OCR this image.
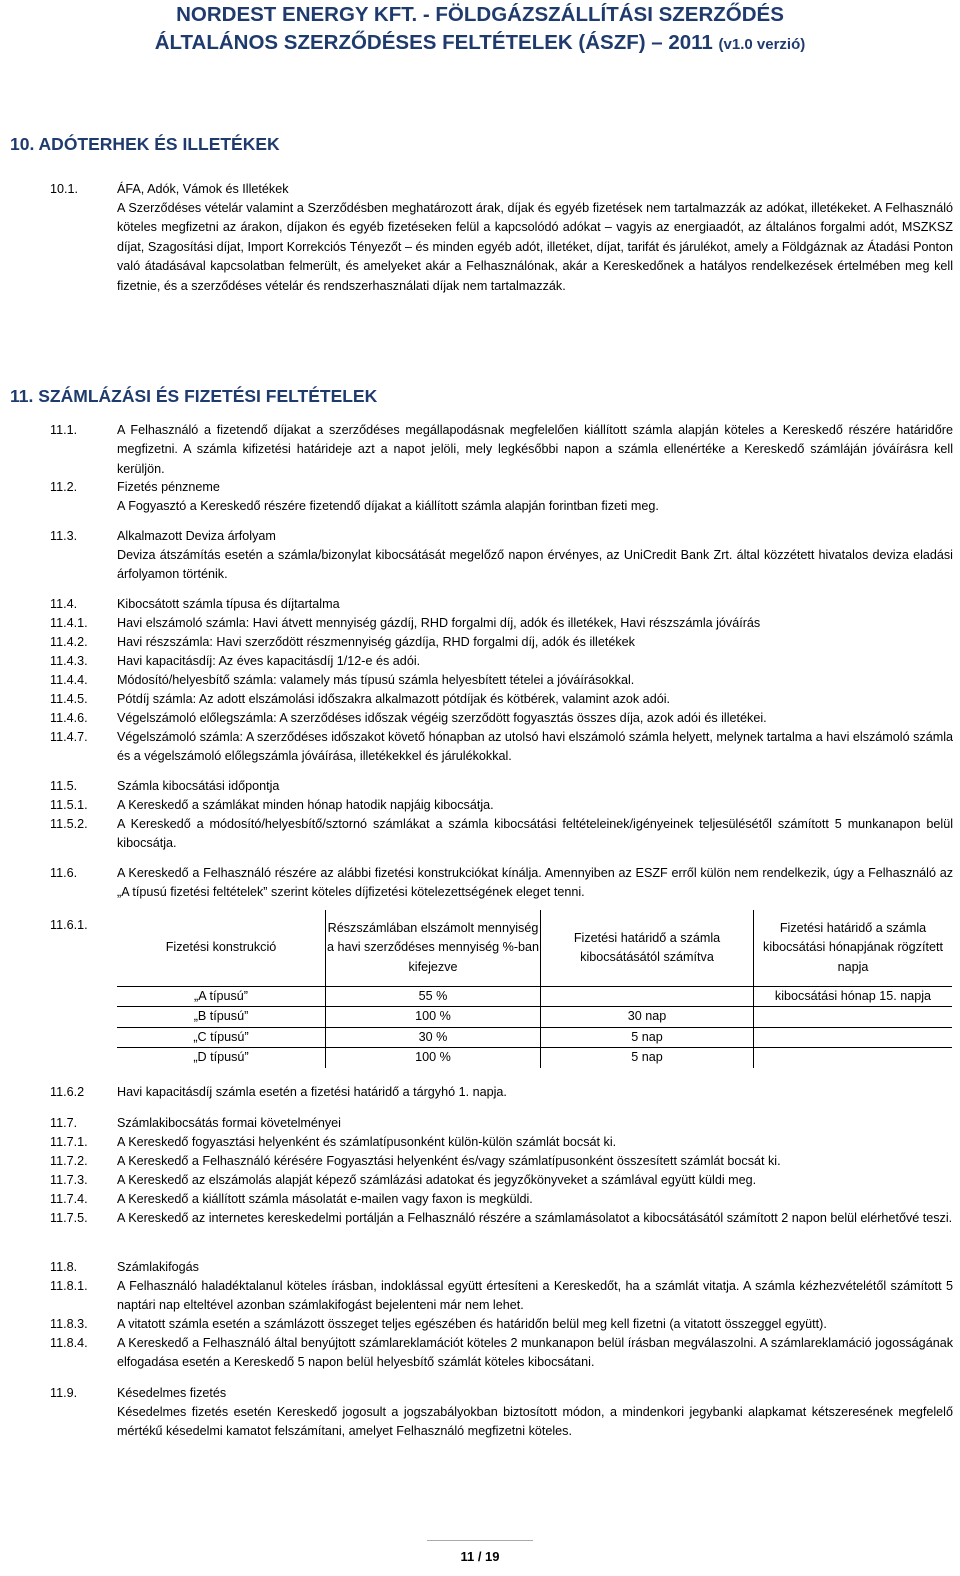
NORDEST ENERGY KFT. - FÖLDGÁZSZÁLLÍTÁSI SZERZŐDÉS
ÁLTALÁNOS SZERZŐDÉSES FELTÉTELEK (ÁSZF) – 2011 (v1.0 verzió)
10. ADÓTERHEK ÉS ILLETÉKEK
10.1.	ÁFA, Adók, Vámok és Illetékek
A Szerződéses vételár valamint a Szerződésben meghatározott árak, díjak és egyéb fizetések nem tartalmazzák az adókat, illetékeket. A Felhasználó köteles megfizetni az árakon, díjakon és egyéb fizetéseken felül a kapcsolódó adókat – vagyis az energiaadót, az általános forgalmi adót, MSZKSZ díjat, Szagosítási díjat, Import Korrekciós Tényezőt – és minden egyéb adót, illetéket, díjat, tarifát és járulékot, amely a Földgáznak az Átadási Ponton való átadásával kapcsolatban felmerült, és amelyeket akár a Felhasználónak, akár a Kereskedőnek a hatályos rendelkezések értelmében meg kell fizetnie, és a szerződéses vételár és rendszerhasználati díjak nem tartalmazzák.
11. SZÁMLÁZÁSI ÉS FIZETÉSI FELTÉTELEK
11.1.	A Felhasználó a fizetendő díjakat a szerződéses megállapodásnak megfelelően kiállított számla alapján köteles a Kereskedő részére határidőre megfizetni. A számla kifizetési határideje azt a napot jelöli, mely legkésőbbi napon a számla ellenértéke a Kereskedő számláján jóváírásra kell kerüljön.
11.2.	Fizetés pénzneme
A Fogyasztó a Kereskedő részére fizetendő díjakat a kiállított számla alapján forintban fizeti meg.
11.3.	Alkalmazott Deviza árfolyam
Deviza átszámítás esetén a számla/bizonylat kibocsátását megelőző napon érvényes, az UniCredit Bank Zrt. által közzétett hivatalos deviza eladási árfolyamon történik.
11.4.	Kibocsátott számla típusa és díjtartalma
11.4.1. Havi elszámoló számla: Havi átvett mennyiség gázdíj, RHD forgalmi díj, adók és illetékek, Havi részszámla jóváírás
11.4.2. Havi részszámla: Havi szerződött részmennyiség gázdíja, RHD forgalmi díj, adók és illetékek
11.4.3. Havi kapacitásdíj: Az éves kapacitásdíj 1/12-e és adói.
11.4.4. Módosító/helyesbítő számla: valamely más típusú számla helyesbített tételei a jóváírásokkal.
11.4.5. Pótdíj számla: Az adott elszámolási időszakra alkalmazott pótdíjak és kötbérek, valamint azok adói.
11.4.6. Végelszámoló előlegszámla: A szerződéses időszak végéig szerződött fogyasztás összes díja, azok adói és illetékei.
11.4.7. Végelszámoló számla: A szerződéses időszakot követő hónapban az utolsó havi elszámoló számla helyett, melynek tartalma a havi elszámoló számla és a végelszámoló előlegszámla jóváírása, illetékekkel és járulékokkal.
11.5.	Számla kibocsátási időpontja
11.5.1. A Kereskedő a számlákat minden hónap hatodik napjáig kibocsátja.
11.5.2. A Kereskedő a módosító/helyesbítő/sztornó számlákat a számla kibocsátási feltételeinek/igényeinek teljesülésétől számított 5 munkanapon belül kibocsátja.
11.6.	A Kereskedő a Felhasználó részére az alábbi fizetési konstrukciókat kínálja. Amennyiben az ESZF erről külön nem rendelkezik, úgy a Felhasználó az „A típusú fizetési feltételek” szerint köteles díjfizetési kötelezettségének eleget tenni.
11.6.1.
Fizetési konstrukció	Részszámlában elszámolt mennyiség a havi szerződéses mennyiség %-ban kifejezve	Fizetési határidő a számla kibocsátásától számítva	Fizetési határidő a számla kibocsátási hónapjának rögzített napja
„A típusú”	55 %		kibocsátási hónap 15. napja
„B típusú”	100 %	30 nap	
„C típusú”	30 %	5 nap	
„D típusú”	100 %	5 nap	
11.6.2	Havi kapacitásdíj számla esetén a fizetési határidő a tárgyhó 1. napja.
11.7.	Számlakibocsátás formai követelményei
11.7.1. A Kereskedő fogyasztási helyenként és számlatípusonként külön-külön számlát bocsát ki.
11.7.2. A Kereskedő a Felhasználó kérésére Fogyasztási helyenként és/vagy számlatípusonként összesített számlát bocsát ki.
11.7.3. A Kereskedő az elszámolás alapját képező számlázási adatokat és jegyzőkönyveket a számlával együtt küldi meg.
11.7.4. A Kereskedő a kiállított számla másolatát e-mailen vagy faxon is megküldi.
11.7.5. A Kereskedő az internetes kereskedelmi portálján a Felhasználó részére a számlamásolatot a kibocsátásától számított 2 napon belül elérhetővé teszi.
11.8.	Számlakifogás
11.8.1. A Felhasználó haladéktalanul köteles írásban, indoklással együtt értesíteni a Kereskedőt, ha a számlát vitatja. A számla kézhezvételétől számított 5 naptári nap elteltével azonban számlakifogást bejelenteni már nem lehet.
11.8.3. A vitatott számla esetén a számlázott összeget teljes egészében és határidőn belül meg kell fizetni (a vitatott összeggel együtt).
11.8.4. A Kereskedő a Felhasználó által benyújtott számlareklamációt köteles 2 munkanapon belül írásban megválaszolni. A számlareklamáció jogosságának elfogadása esetén a Kereskedő 5 napon belül helyesbítő számlát köteles kibocsátani.
11.9.	Késedelmes fizetés
Késedelmes fizetés esetén Kereskedő jogosult a jogszabályokban biztosított módon, a mindenkori jegybanki alapkamat kétszeresének megfelelő mértékű késedelmi kamatot felszámítani, amelyet Felhasználó megfizetni köteles.
11 / 19
